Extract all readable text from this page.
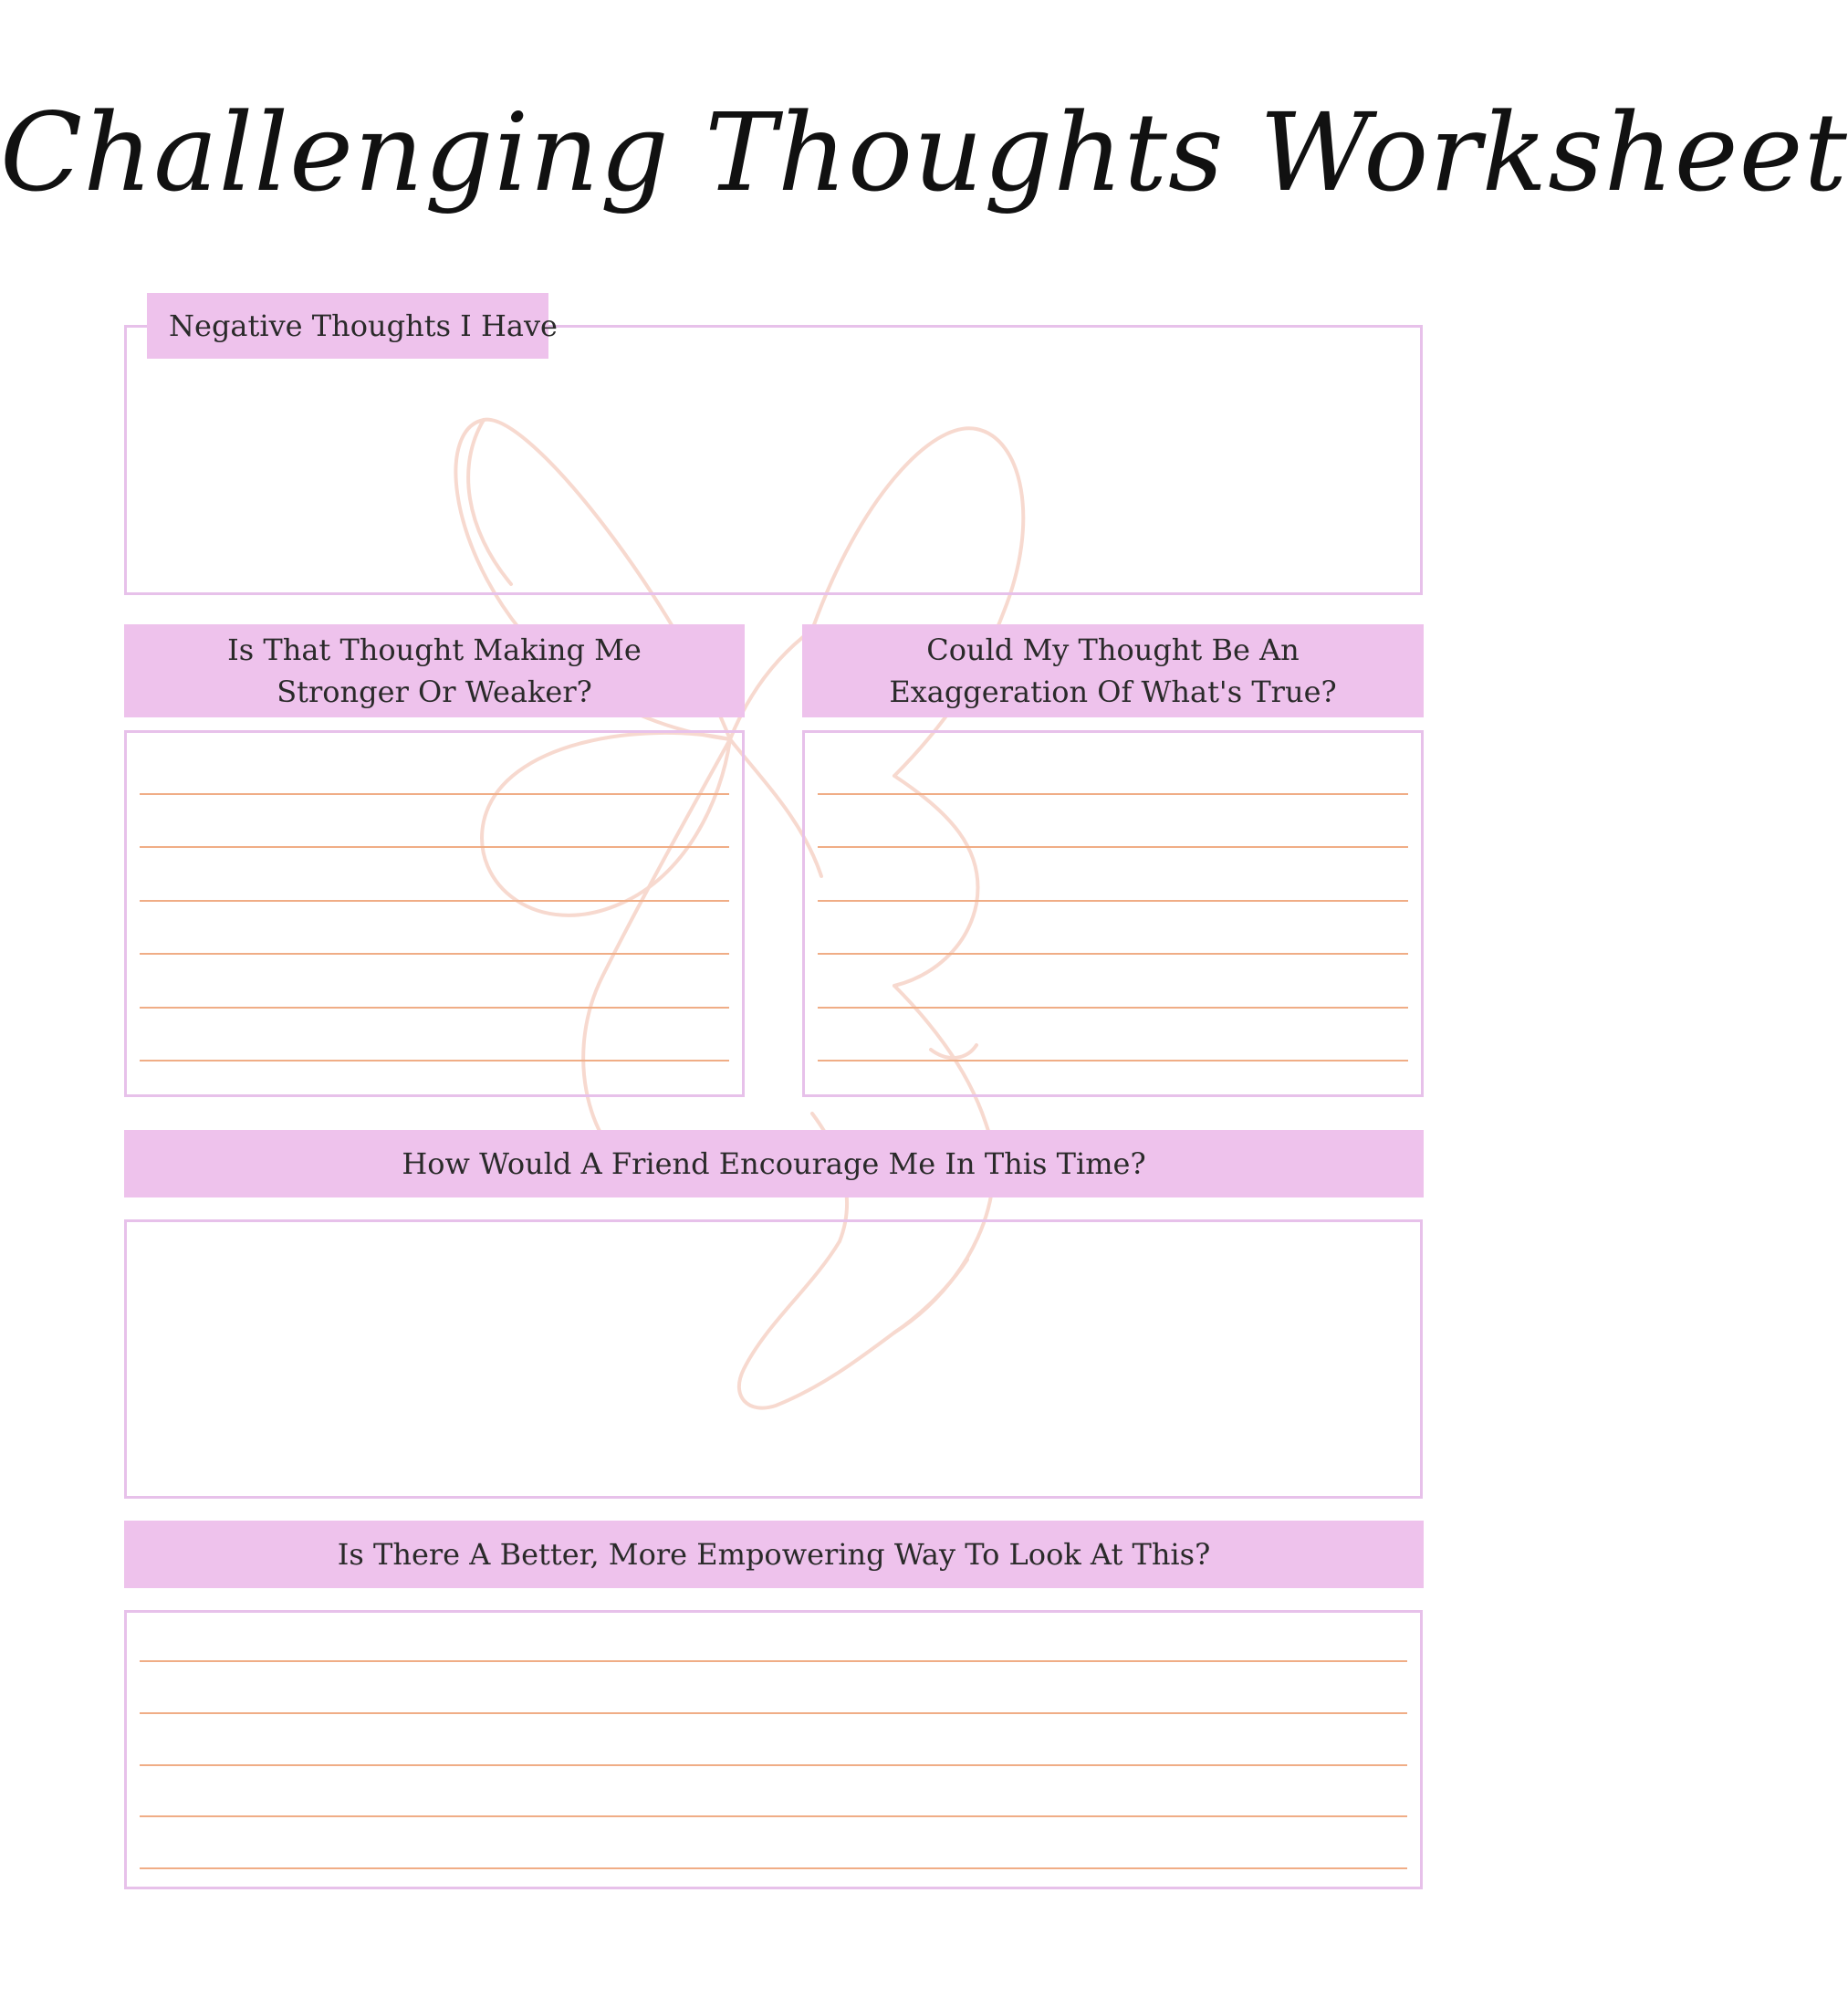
Challenging Thoughts Worksheet
Negative Thoughts I Have
Is That Thought Making Me Stronger Or Weaker?
Could My Thought Be An Exaggeration Of What's True?
How Would A Friend Encourage Me In This Time?
Is There A Better, More Empowering Way To Look At This?
